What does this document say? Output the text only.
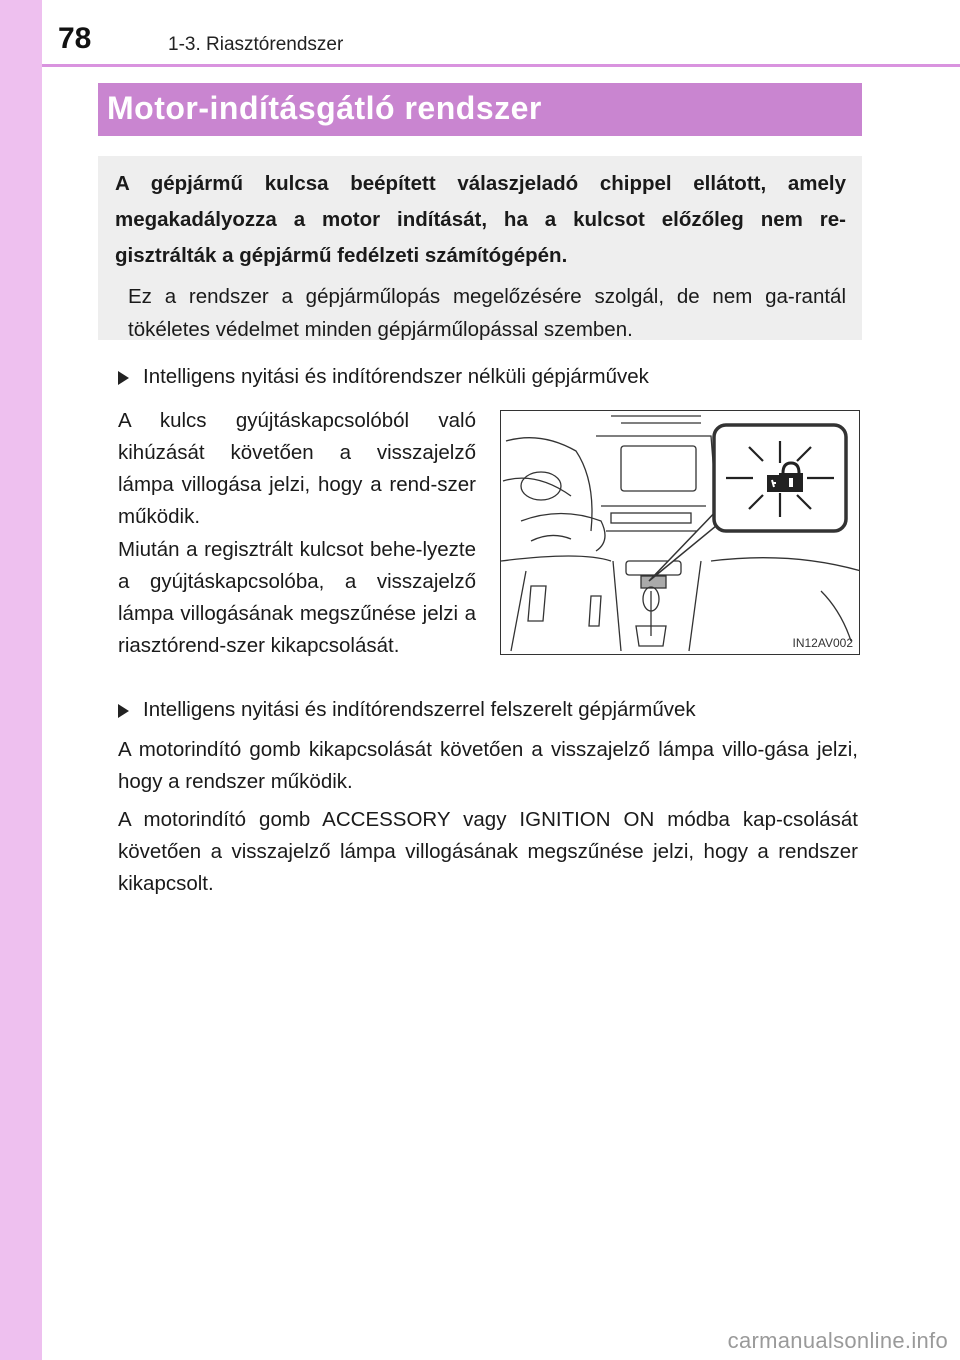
78	1-3. Riasztórendszer
Motor-indításgátló rendszer

A gépjármű kulcsa beépített válaszjeladó chippel ellátott, amely megakadályozza a motor indítását, ha a kulcsot előzőleg nem re-gisztrálták a gépjármű fedélzeti számítógépén.

Ez a rendszer a gépjárműlopás megelőzésére szolgál, de nem ga-rantál tökéletes védelmet minden gépjárműlopással szemben.

Intelligens nyitási és indítórendszer nélküli gépjárművek

A kulcs gyújtáskapcsolóból való kihúzását követően a visszajelző lámpa villogása jelzi, hogy a rend-szer működik.

Miután a regisztrált kulcsot behe-lyezte a gyújtáskapcsolóba, a visszajelző lámpa villogásának megszűnése jelzi a riasztórend-szer kikapcsolását.	IN12AV002
Intelligens nyitási és indítórendszerrel felszerelt gépjárművek

A motorindító gomb kikapcsolását követően a visszajelző lámpa villo-gása jelzi, hogy a rendszer működik.

A motorindító gomb ACCESSORY vagy IGNITION ON módba kap-csolását követően a visszajelző lámpa villogásának megszűnése jelzi, hogy a rendszer kikapcsolt.

carmanualsonline.info
